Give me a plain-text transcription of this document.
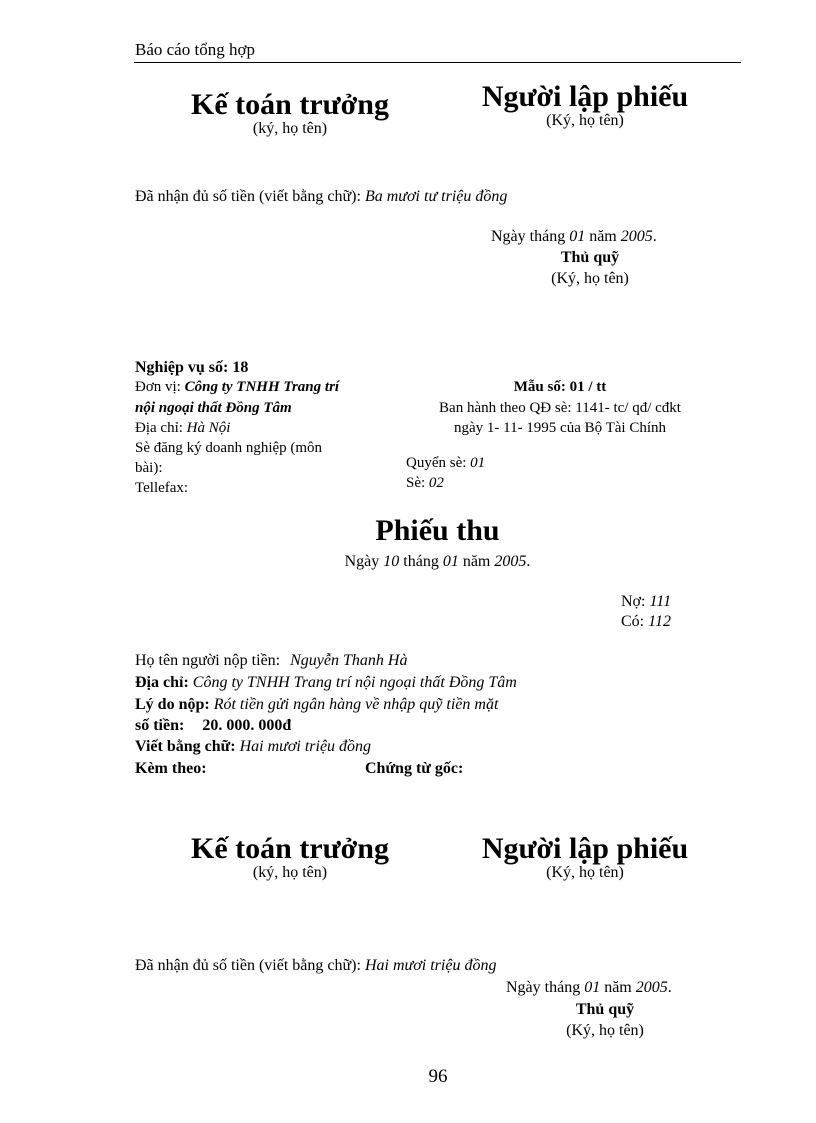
Báo cáo tổng hợp
Kế toán trưởng
(ký, họ tên)
Người lập phiếu
(Ký, họ tên)
Đã nhận đủ số tiền (viết bằng chữ): Ba mươi tư triệu đồng
Ngày tháng 01 năm 2005.
Thủ quỹ
(Ký, họ tên)
Nghiệp vụ số: 18
Đơn vị: Công ty TNHH Trang trí
nội ngoại thất Đồng Tâm
Địa chỉ: Hà Nội
Sè đăng ký doanh nghiệp (môn
bài):
Tellefax:
Mẫu số: 01 / tt
Ban hành theo QĐ sè: 1141- tc/ qđ/ cđkt
ngày 1- 11- 1995 của Bộ Tài Chính
Quyển sè: 01
Sè: 02
Phiếu thu
Ngày 10 tháng 01 năm 2005.
Nợ: 111
Có: 112
Họ tên người nộp tiền: Nguyễn Thanh Hà
Địa chỉ: Công ty TNHH Trang trí nội ngoại thất Đồng Tâm
Lý do nộp: Rót tiền gửi ngân hàng về nhập quỹ tiền mặt
số tiền: 20. 000. 000đ
Viết bằng chữ: Hai mươi triệu đồng
Kèm theo:	Chứng từ gốc:
Kế toán trưởng
(ký, họ tên)
Người lập phiếu
(Ký, họ tên)
Đã nhận đủ số tiền (viết bằng chữ): Hai mươi triệu đồng
Ngày tháng 01 năm 2005.
Thủ quỹ
(Ký, họ tên)
96
